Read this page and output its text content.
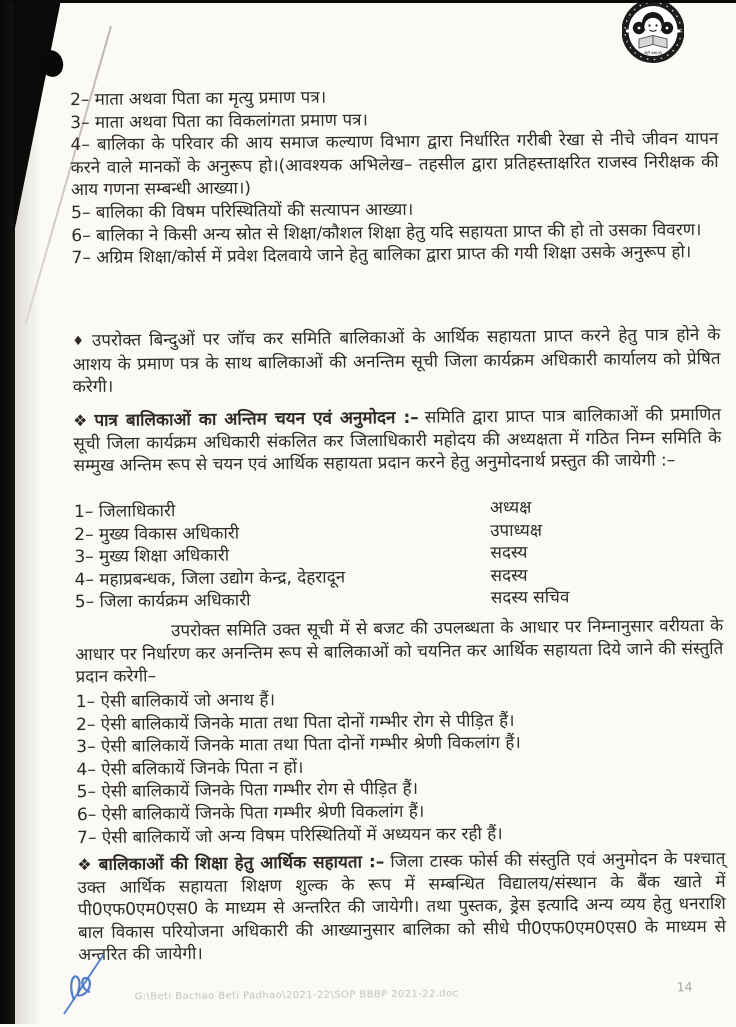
बेटी बचाओ

2– माता अथवा पिता का मृत्यु प्रमाण पत्र।

3– माता अथवा पिता का विकलांगता प्रमाण पत्र।

4– बालिका के परिवार की आय समाज कल्याण विभाग द्वारा निर्धारित गरीबी रेखा से नीचे जीवन यापन करने वाले मानकों के अनुरूप हो।(आवश्यक अभिलेख– तहसील द्वारा प्रतिहस्ताक्षरित राजस्व निरीक्षक की आय गणना सम्बन्धी आख्या।)

5– बालिका की विषम परिस्थितियों की सत्यापन आख्या।

6– बालिका ने किसी अन्य स्रोत से शिक्षा/कौशल शिक्षा हेतु यदि सहायता प्राप्त की हो तो उसका विवरण।

7– अग्रिम शिक्षा/कोर्स में प्रवेश दिलवाये जाने हेतु बालिका द्वारा प्राप्त की गयी शिक्षा उसके अनुरूप हो।

♦ उपरोक्त बिन्दुओं पर जॉच कर समिति बालिकाओं के आर्थिक सहायता प्राप्त करने हेतु पात्र होने के आशय के प्रमाण पत्र के साथ बालिकाओं की अनन्तिम सूची जिला कार्यक्रम अधिकारी कार्यालय को प्रेषित करेगी।

❖ पात्र बालिकाओं का अन्तिम चयन एवं अनुमोदन :– समिति द्वारा प्राप्त पात्र बालिकाओं की प्रमाणित सूची जिला कार्यक्रम अधिकारी संकलित कर जिलाधिकारी महोदय की अध्यक्षता में गठित निम्न समिति के सम्मुख अन्तिम रूप से चयन एवं आर्थिक सहायता प्रदान करने हेतु अनुमोदनार्थ प्रस्तुत की जायेगी :–

1– जिलाधिकारी	अध्यक्ष
2– मुख्य विकास अधिकारी	उपाध्यक्ष
3– मुख्य शिक्षा अधिकारी	सदस्य
4– महाप्रबन्धक, जिला उद्योग केन्द्र, देहरादून	सदस्य
5– जिला कार्यक्रम अधिकारी	सदस्य सचिव

उपरोक्त समिति उक्त सूची में से बजट की उपलब्धता के आधार पर निम्नानुसार वरीयता के आधार पर निर्धारण कर अनन्तिम रूप से बालिकाओं को चयनित कर आर्थिक सहायता दिये जाने की संस्तुति प्रदान करेगी–

1– ऐसी बालिकायें जो अनाथ हैं।

2– ऐसी बालिकायें जिनके माता तथा पिता दोनों गम्भीर रोग से पीड़ित हैं।

3– ऐसी बालिकायें जिनके माता तथा पिता दोनों गम्भीर श्रेणी विकलांग हैं।

4– ऐसी बलिकायें जिनके पिता न हों।

5– ऐसी बालिकायें जिनके पिता गम्भीर रोग से पीड़ित हैं।

6– ऐसी बालिकायें जिनके पिता गम्भीर श्रेणी विकलांग हैं।

7– ऐसी बालिकायें जो अन्य विषम परिस्थितियों में अध्ययन कर रही हैं।

❖ बालिकाओं की शिक्षा हेतु आर्थिक सहायता :– जिला टास्क फोर्स की संस्तुति एवं अनुमोदन के पश्चात् उक्त आर्थिक सहायता शिक्षण शुल्क के रूप में सम्बन्धित विद्यालय/संस्थान के बैंक खाते में पी0एफ0एम0एस0 के माध्यम से अन्तरित की जायेगी। तथा पुस्तक, ड्रेस इत्यादि अन्य व्यय हेतु धनराशि बाल विकास परियोजना अधिकारी की आख्यानुसार बालिका को सीधे पी0एफ0एम0एस0 के माध्यम से अन्तरित की जायेगी।

G:\Beti Bachao Beti Padhao\2021-22\SOP BBBP 2021-22.doc
14
